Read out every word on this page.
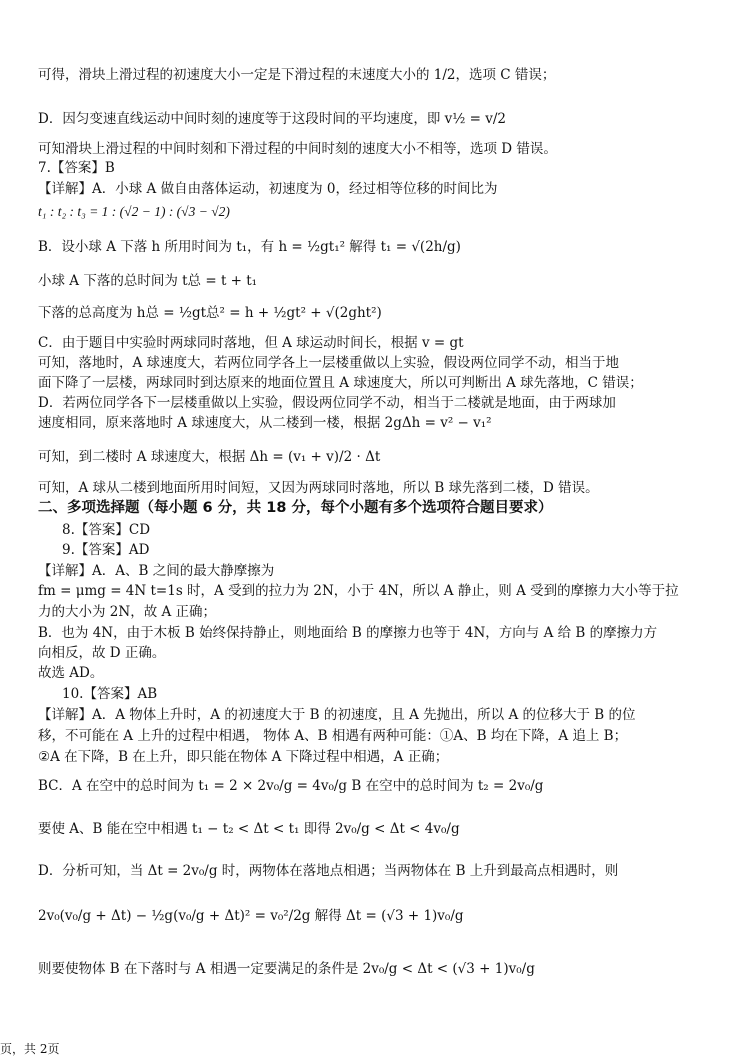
可得，滑块上滑过程的初速度大小一定是下滑过程的末速度大小的 1/2，选项 C 错误；
D．因匀变速直线运动中间时刻的速度等于这段时间的平均速度，即 v½ = v/2
可知滑块上滑过程的中间时刻和下滑过程的中间时刻的速度大小不相等，选项 D 错误。
7.【答案】B
【详解】A．小球 A 做自由落体运动，初速度为 0，经过相等位移的时间比为
t₁ : t₂ : t₃ = 1 : (√2 − 1) : (√3 − √2)
B．设小球 A 下落 h 所用时间为 t₁，有 h = ½gt₁² 解得 t₁ = √(2h/g)
小球 A 下落的总时间为 t总 = t + t₁
下落的总高度为 h总 = ½gt总² = h + ½gt² + √(2ght²)
C．由于题目中实验时两球同时落地，但 A 球运动时间长，根据 v = gt
可知，落地时，A 球速度大，若两位同学各上一层楼重做以上实验，假设两位同学不动，相当于地
面下降了一层楼，两球同时到达原来的地面位置且 A 球速度大，所以可判断出 A 球先落地，C 错误；
D．若两位同学各下一层楼重做以上实验，假设两位同学不动，相当于二楼就是地面，由于两球加
速度相同，原来落地时 A 球速度大，从二楼到一楼，根据 2gΔh = v² − v₁²
可知，到二楼时 A 球速度大，根据 Δh = (v₁ + v)/2 · Δt
可知，A 球从二楼到地面所用时间短，又因为两球同时落地，所以 B 球先落到二楼，D 错误。
二、多项选择题（每小题 6 分，共 18 分，每个小题有多个选项符合题目要求）
8.【答案】CD
9.【答案】AD
【详解】A．A、B 之间的最大静摩擦为
fm = μmg = 4N t=1s 时，A 受到的拉力为 2N，小于 4N，所以 A 静止，则 A 受到的摩擦力大小等于拉
力的大小为 2N，故 A 正确；
B．也为 4N，由于木板 B 始终保持静止，则地面给 B 的摩擦力也等于 4N，方向与 A 给 B 的摩擦力方
向相反，故 D 正确。
故选 AD。
10.【答案】AB
【详解】A．A 物体上升时，A 的初速度大于 B 的初速度，且 A 先抛出，所以 A 的位移大于 B 的位
移，不可能在 A 上升的过程中相遇， 物体 A、B 相遇有两种可能：①A、B 均在下降，A 追上 B；
②A 在下降，B 在上升，即只能在物体 A 下降过程中相遇，A 正确；
BC．A 在空中的总时间为 t₁ = 2 × 2v₀/g = 4v₀/g B 在空中的总时间为 t₂ = 2v₀/g
要使 A、B 能在空中相遇 t₁ − t₂ < Δt < t₁ 即得 2v₀/g < Δt < 4v₀/g
D．分析可知，当 Δt = 2v₀/g 时，两物体在落地点相遇；当两物体在 B 上升到最高点相遇时，则
2v₀(v₀/g + Δt) − ½g(v₀/g + Δt)² = v₀²/2g 解得 Δt = (√3 + 1)v₀/g
则要使物体 B 在下落时与 A 相遇一定要满足的条件是 2v₀/g < Δt < (√3 + 1)v₀/g
页，共 2页
